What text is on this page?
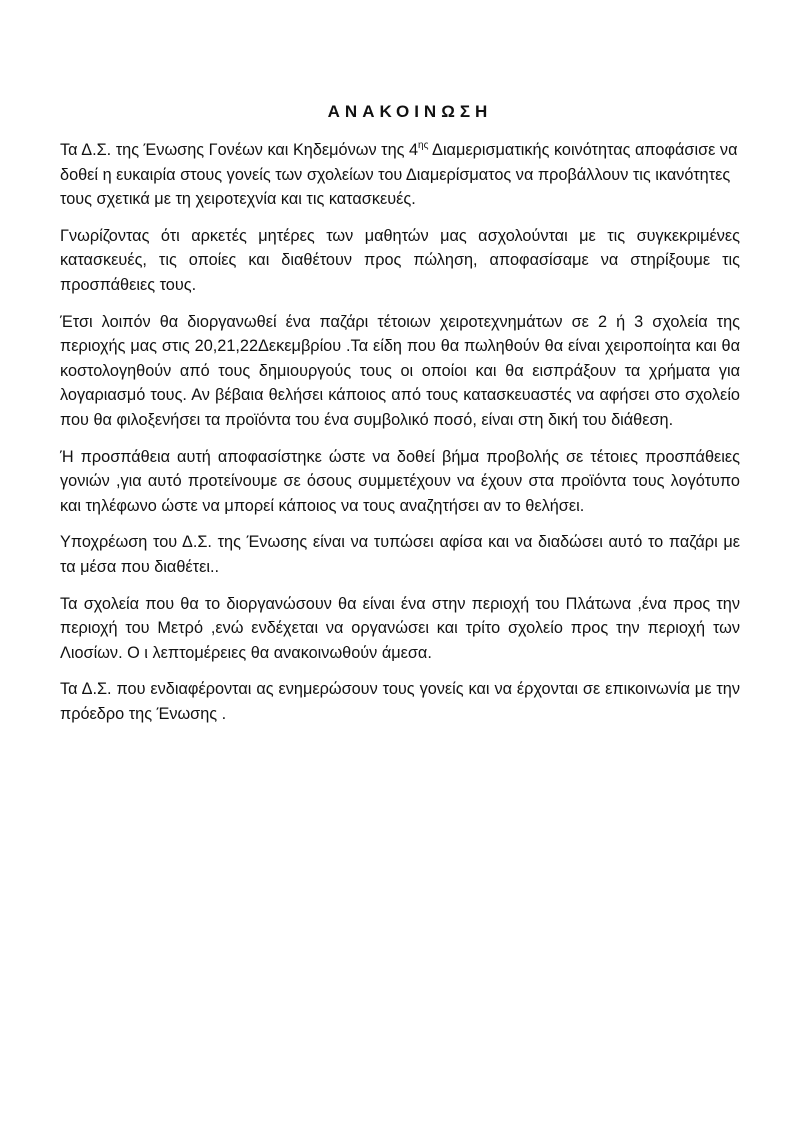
ΑΝΑΚΟΙΝΩΣΗ

Τα Δ.Σ. της Ένωσης Γονέων και Κηδεμόνων της $4^{\eta\varsigma}$ Διαμερισματικής κοινότητας αποφάσισε να δοθεί η ευκαιρία στους γονείς των σχολείων του Διαμερίσματος να προβάλλουν τις ικανότητες τους σχετικά με τη χειροτεχνία και τις κατασκευές.

Γνωρίζοντας ότι αρκετές μητέρες των μαθητών μας ασχολούνται με τις συγκεκριμένες κατασκευές, τις οποίες και διαθέτουν προς πώληση, αποφασίσαμε να στηρίξουμε τις προσπάθειες τους.

Έτσι λοιπόν θα διοργανωθεί ένα παζάρι τέτοιων χειροτεχνημάτων σε 2 ή 3 σχολεία της περιοχής μας στις 20,21,22Δεκεμβρίου .Τα είδη που θα πωληθούν θα είναι χειροποίητα και θα κοστολογηθούν από τους δημιουργούς τους οι οποίοι και θα εισπράξουν τα χρήματα για λογαριασμό τους. Αν βέβαια θελήσει κάποιος από τους κατασκευαστές να αφήσει στο σχολείο που θα φιλοξενήσει τα προϊόντα του ένα συμβολικό ποσό, είναι στη δική του διάθεση.

Ή προσπάθεια αυτή αποφασίστηκε ώστε να δοθεί βήμα προβολής σε τέτοιες προσπάθειες γονιών ,για αυτό προτείνουμε σε όσους συμμετέχουν να έχουν στα προϊόντα τους λογότυπο και τηλέφωνο ώστε να μπορεί κάποιος να τους αναζητήσει αν το θελήσει.

Υποχρέωση του Δ.Σ. της Ένωσης είναι να τυπώσει αφίσα και να διαδώσει αυτό το παζάρι με τα μέσα που διαθέτει..

Τα σχολεία που θα το διοργανώσουν θα είναι ένα στην περιοχή του Πλάτωνα ,ένα προς την περιοχή του Μετρό ,ενώ ενδέχεται να οργανώσει και τρίτο σχολείο προς την περιοχή των Λιοσίων. Ο ι λεπτομέρειες θα ανακοινωθούν άμεσα.

Τα Δ.Σ. που ενδιαφέρονται ας ενημερώσουν τους γονείς και να έρχονται σε επικοινωνία με την πρόεδρο της Ένωσης .
